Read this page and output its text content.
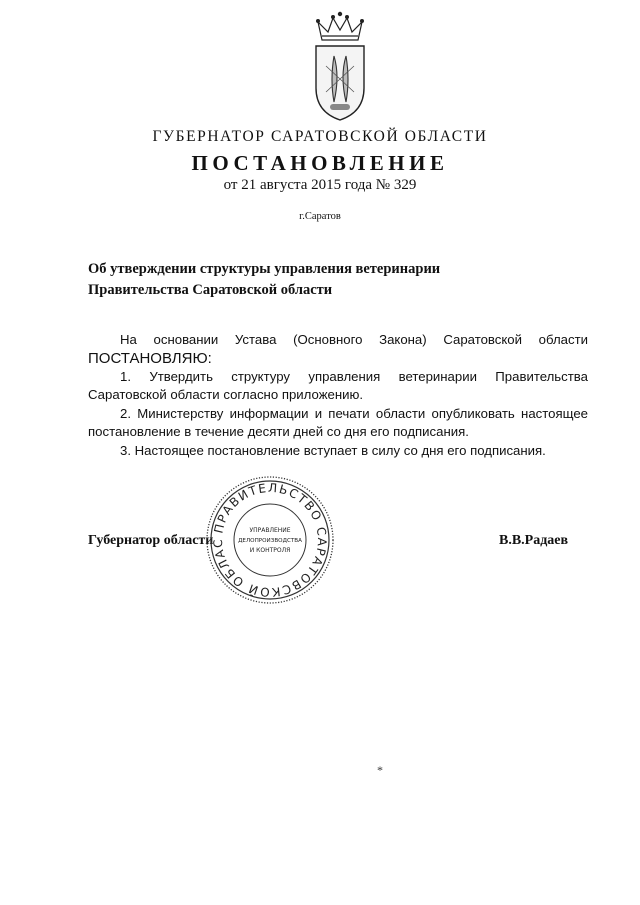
ГУБЕРНАТОР САРАТОВСКОЙ ОБЛАСТИ
ПОСТАНОВЛЕНИЕ
от 21 августа 2015 года № 329
г.Саратов
Об утверждении структуры управления ветеринарии
Правительства Саратовской области

На основании Устава (Основного Закона) Саратовской области

ПОСТАНОВЛЯЮ:

1. Утвердить структуру управления ветеринарии Правительства Саратовской области согласно приложению.

2. Министерству информации и печати области опубликовать настоящее постановление в течение десяти дней со дня его подписания.

3. Настоящее постановление вступает в силу со дня его подписания.

Губернатор области	В.В.Радаев
ПРАВИТЕЛЬСТВО САРАТОВСКОЙ ОБЛАС
УПРАВЛЕНИЕ
ДЕЛОПРОИЗВОДСТВА
И КОНТРОЛЯ
*
